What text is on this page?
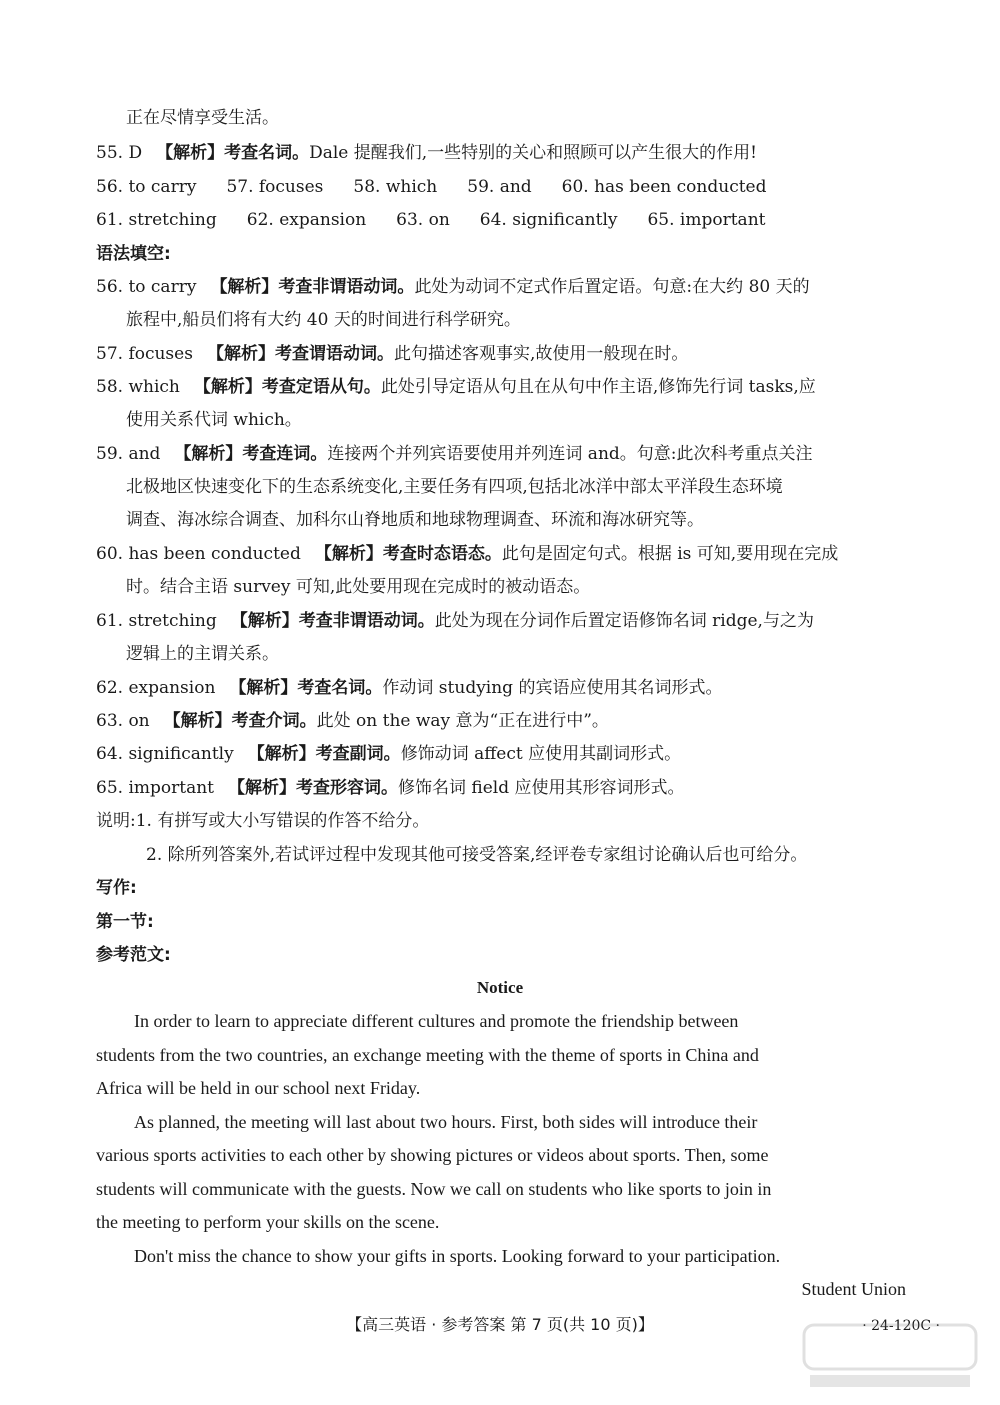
正在尽情享受生活。
55. D 【解析】考查名词。Dale 提醒我们,一些特别的关心和照顾可以产生很大的作用!
56. to carry 57. focuses 58. which 59. and 60. has been conducted
61. stretching 62. expansion 63. on 64. significantly 65. important
语法填空:
56. to carry 【解析】考查非谓语动词。此处为动词不定式作后置定语。句意:在大约 80 天的
旅程中,船员们将有大约 40 天的时间进行科学研究。
57. focuses 【解析】考查谓语动词。此句描述客观事实,故使用一般现在时。
58. which 【解析】考查定语从句。此处引导定语从句且在从句中作主语,修饰先行词 tasks,应
使用关系代词 which。
59. and 【解析】考查连词。连接两个并列宾语要使用并列连词 and。句意:此次科考重点关注
北极地区快速变化下的生态系统变化,主要任务有四项,包括北冰洋中部太平洋段生态环境
调查、海冰综合调查、加科尔山脊地质和地球物理调查、环流和海冰研究等。
60. has been conducted 【解析】考查时态语态。此句是固定句式。根据 is 可知,要用现在完成
时。结合主语 survey 可知,此处要用现在完成时的被动语态。
61. stretching 【解析】考查非谓语动词。此处为现在分词作后置定语修饰名词 ridge,与之为
逻辑上的主谓关系。
62. expansion 【解析】考查名词。作动词 studying 的宾语应使用其名词形式。
63. on 【解析】考查介词。此处 on the way 意为“正在进行中”。
64. significantly 【解析】考查副词。修饰动词 affect 应使用其副词形式。
65. important 【解析】考查形容词。修饰名词 field 应使用其形容词形式。
说明:1. 有拼写或大小写错误的作答不给分。
2. 除所列答案外,若试评过程中发现其他可接受答案,经评卷专家组讨论确认后也可给分。
写作:
第一节:
参考范文:
Notice
In order to learn to appreciate different cultures and promote the friendship between
students from the two countries, an exchange meeting with the theme of sports in China and
Africa will be held in our school next Friday.
As planned, the meeting will last about two hours. First, both sides will introduce their
various sports activities to each other by showing pictures or videos about sports. Then, some
students will communicate with the guests. Now we call on students who like sports to join in
the meeting to perform your skills on the scene.
Don't miss the chance to show your gifts in sports. Looking forward to your participation.
Student Union
【高三英语 · 参考答案 第 7 页(共 10 页)】	· 24-120C ·
